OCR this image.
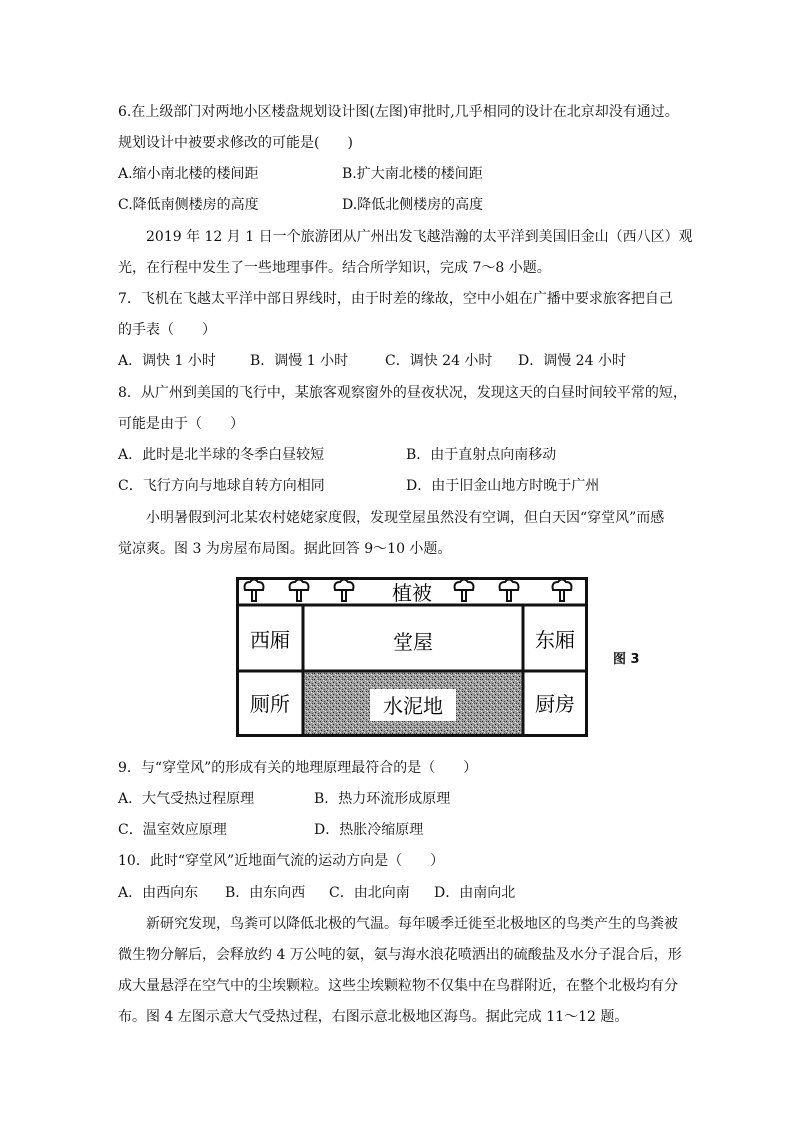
6.在上级部门对两地小区楼盘规划设计图(左图)审批时,几乎相同的设计在北京却没有通过。
规划设计中被要求修改的可能是(　　)
A.缩小南北楼的楼间距	B.扩大南北楼的楼间距
C.降低南侧楼房的高度	D.降低北侧楼房的高度
2019 年 12 月 1 日一个旅游团从广州出发飞越浩瀚的太平洋到美国旧金山（西八区）观
光，在行程中发生了一些地理事件。结合所学知识，完成 7～8 小题。
7．飞机在飞越太平洋中部日界线时，由于时差的缘故，空中小姐在广播中要求旅客把自己
的手表（　　）
A．调快 1 小时 B．调慢 1 小时	C．调快 24 小时 D．调慢 24 小时
8．从广州到美国的飞行中，某旅客观察窗外的昼夜状况，发现这天的白昼时间较平常的短，
可能是由于（　　）
A．此时是北半球的冬季白昼较短	B．由于直射点向南移动
C．飞行方向与地球自转方向相同	D．由于旧金山地方时晚于广州
小明暑假到河北某农村姥姥家度假，发现堂屋虽然没有空调，但白天因“穿堂风”而感
觉凉爽。图 3 为房屋布局图。据此回答 9～10 小题。
植被
西厢	堂屋	东厢
厕所	水泥地	厨房
图 3
9．与“穿堂风”的形成有关的地理原理最符合的是（　　）
A．大气受热过程原理	B．热力环流形成原理
C．温室效应原理	D．热胀冷缩原理
10．此时“穿堂风”近地面气流的运动方向是（　　）
A．由西向东 B．由东向西 C．由北向南 D．由南向北
新研究发现，鸟粪可以降低北极的气温。每年暖季迁徙至北极地区的鸟类产生的鸟粪被
微生物分解后，会释放约 4 万公吨的氨，氨与海水浪花喷洒出的硫酸盐及水分子混合后，形
成大量悬浮在空气中的尘埃颗粒。这些尘埃颗粒物不仅集中在鸟群附近，在整个北极均有分
布。图 4 左图示意大气受热过程，右图示意北极地区海鸟。据此完成 11～12 题。
